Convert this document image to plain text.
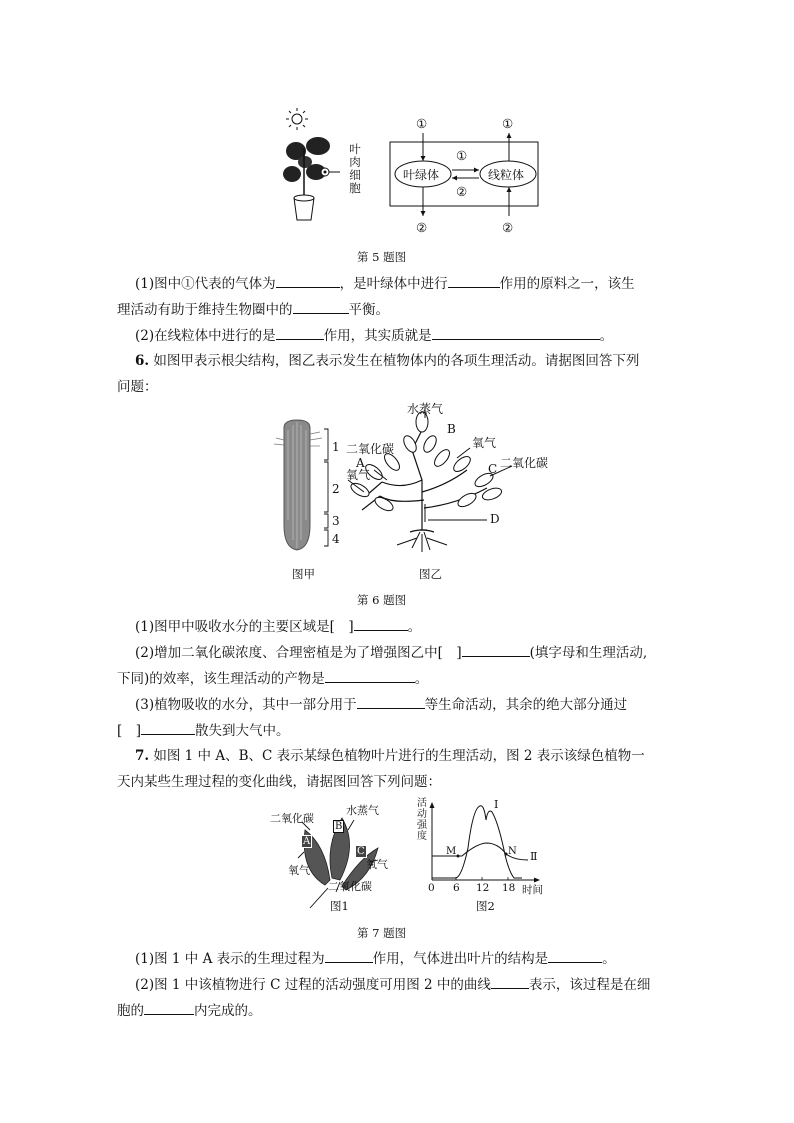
叶
肉
细
胞
叶绿体	线粒体
①	①
①
②
②	②
第 5 题图
(1)图中①代表的气体为	，是叶绿体中进行	作用的原料之一，该生
理活动有助于维持生物圈中的	平衡。
(2)在线粒体中进行的是	作用，其实质就是	。
6. 如图甲表示根尖结构，图乙表示发生在植物体内的各项生理活动。请据图回答下列
问题：
1
2
3
4
水蒸气
B
二氧化碳
A
氧气
氧气
C 二氧化碳
D
图甲	图乙
第 6 题图
(1)图甲中吸收水分的主要区域是[　]	。
(2)增加二氧化碳浓度、合理密植是为了增强图乙中[　]	(填字母和生理活动,
下同)的效率，该生理活动的产物是	。
(3)植物吸收的水分，其中一部分用于	等生命活动，其余的绝大部分通过
[　]	散失到大气中。
7. 如图 1 中 A、B、C 表示某绿色植物叶片进行的生理活动，图 2 表示该绿色植物一
天内某些生理过程的变化曲线，请据图回答下列问题：
二氧化碳
水蒸气
A
B
C
氧气	氧气
二氧化碳
图1
活
动
强
度
I
Ⅱ
M	N
0 6 12 18 时间
图2
第 7 题图
(1)图 1 中 A 表示的生理过程为	作用，气体进出叶片的结构是	。
(2)图 1 中该植物进行 C 过程的活动强度可用图 2 中的曲线	表示，该过程是在细
胞的	内完成的。
